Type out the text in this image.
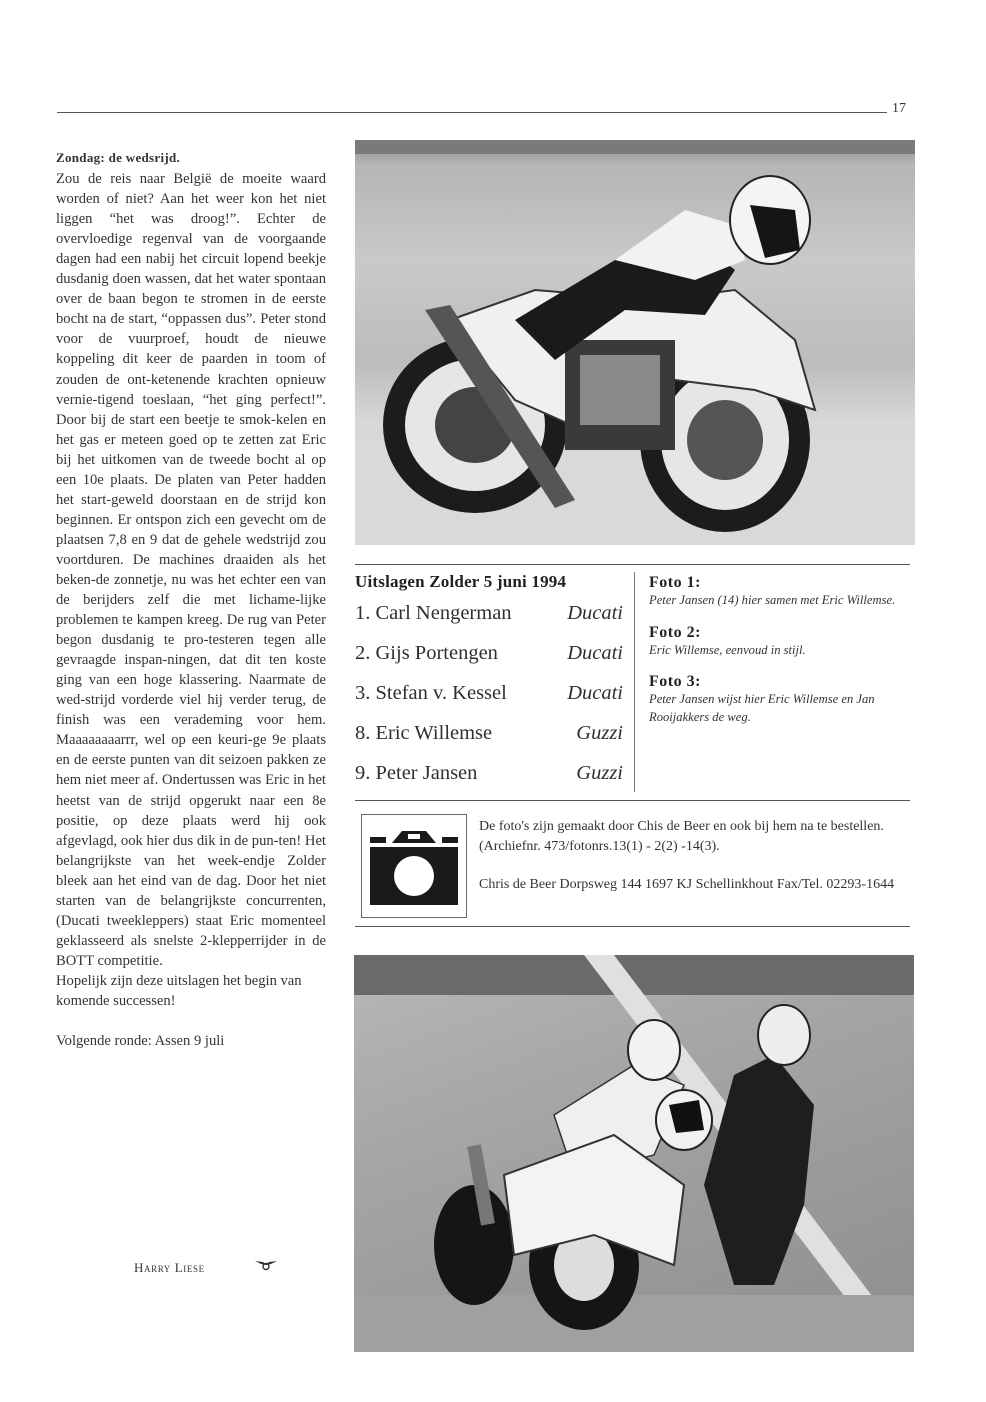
17
Zondag: de wedsrijd.

Zou de reis naar België de moeite waard worden of niet? Aan het weer kon het niet liggen “het was droog!”. Echter de overvloedige regenval van de voorgaande dagen had een nabij het circuit lopend beekje dusdanig doen wassen, dat het water spontaan over de baan begon te stromen in de eerste bocht na de start, “oppassen dus”. Peter stond voor de vuurproef, houdt de nieuwe koppeling dit keer de paarden in toom of zouden de ont-ketenende krachten opnieuw vernie-tigend toeslaan, “het ging perfect!”. Door bij de start een beetje te smok-kelen en het gas er meteen goed op te zetten zat Eric bij het uitkomen van de tweede bocht al op een 10e plaats. De platen van Peter hadden het start-geweld doorstaan en de strijd kon beginnen. Er ontspon zich een gevecht om de plaatsen 7,8 en 9 dat de gehele wedstrijd zou voortduren. De machines draaiden als het beken-de zonnetje, nu was het echter een van de berijders zelf die met lichame-lijke problemen te kampen kreeg. De rug van Peter begon dusdanig te pro-testeren tegen alle gevraagde inspan-ningen, dat dit ten koste ging van een hoge klassering. Naarmate de wed-strijd vorderde viel hij verder terug, de finish was een verademing voor hem. Maaaaaaaarrr, wel op een keuri-ge 9e plaats en de eerste punten van dit seizoen pakken ze hem niet meer af. Ondertussen was Eric in het heetst van de strijd opgerukt naar een 8e positie, op deze plaats werd hij ook afgevlagd, ook hier dus dik in de pun-ten! Het belangrijkste van het week-endje Zolder bleek aan het eind van de dag. Door het niet starten van de belangrijkste concurrenten, (Ducati tweekleppers) staat Eric momenteel geklasseerd als snelste 2-klepperrijder in de BOTT competitie.

Hopelijk zijn deze uitslagen het begin van komende successen!

Volgende ronde: Assen 9 juli

Harry Liese
Uitslagen Zolder 5 juni 1994
1. Carl Nengerman	Ducati
2. Gijs Portengen	Ducati
3. Stefan v. Kessel	Ducati
8. Eric Willemse	Guzzi
9. Peter Jansen	Guzzi
Foto 1:
Peter Jansen (14) hier samen met Eric Willemse.
Foto 2:
Eric Willemse, eenvoud in stijl.
Foto 3:
Peter Jansen wijst hier Eric Willemse en Jan Rooijakkers de weg.

De foto's zijn gemaakt door Chis de Beer en ook bij hem na te bestellen. (Archiefnr. 473/fotonrs.13(1) - 2(2) -14(3).

Chris de Beer Dorpsweg 144 1697 KJ Schellinkhout Fax/Tel. 02293-1644
